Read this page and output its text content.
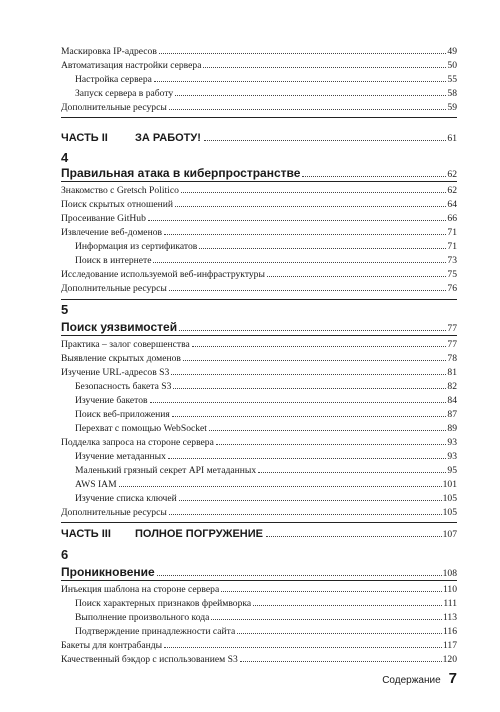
Маскировка IP-адресов	49
Автоматизация настройки сервера	50
Настройка сервера	55
Запуск сервера в работу	58
Дополнительные ресурсы	59
ЧАСТЬ II	ЗА РАБОТУ!	61
4
Правильная атака в киберпространстве	62
Знакомство с Gretsch Politico	62
Поиск скрытых отношений	64
Просеивание GitHub	66
Извлечение веб-доменов	71
Информация из сертификатов	71
Поиск в интернете	73
Исследование используемой веб-инфраструктуры	75
Дополнительные ресурсы	76
5
Поиск уязвимостей	77
Практика – залог совершенства	77
Выявление скрытых доменов	78
Изучение URL-адресов S3	81
Безопасность бакета S3	82
Изучение бакетов	84
Поиск веб-приложения	87
Перехват с помощью WebSocket	89
Подделка запроса на стороне сервера	93
Изучение метаданных	93
Маленький грязный секрет API метаданных	95
AWS IAM	101
Изучение списка ключей	105
Дополнительные ресурсы	105
ЧАСТЬ III	ПОЛНОЕ ПОГРУЖЕНИЕ	107
6
Проникновение	108
Инъекция шаблона на стороне сервера	110
Поиск характерных признаков фреймворка	111
Выполнение произвольного кода	113
Подтверждение принадлежности сайта	116
Бакеты для контрабанды	117
Качественный бэкдор с использованием S3	120
Содержание 7
